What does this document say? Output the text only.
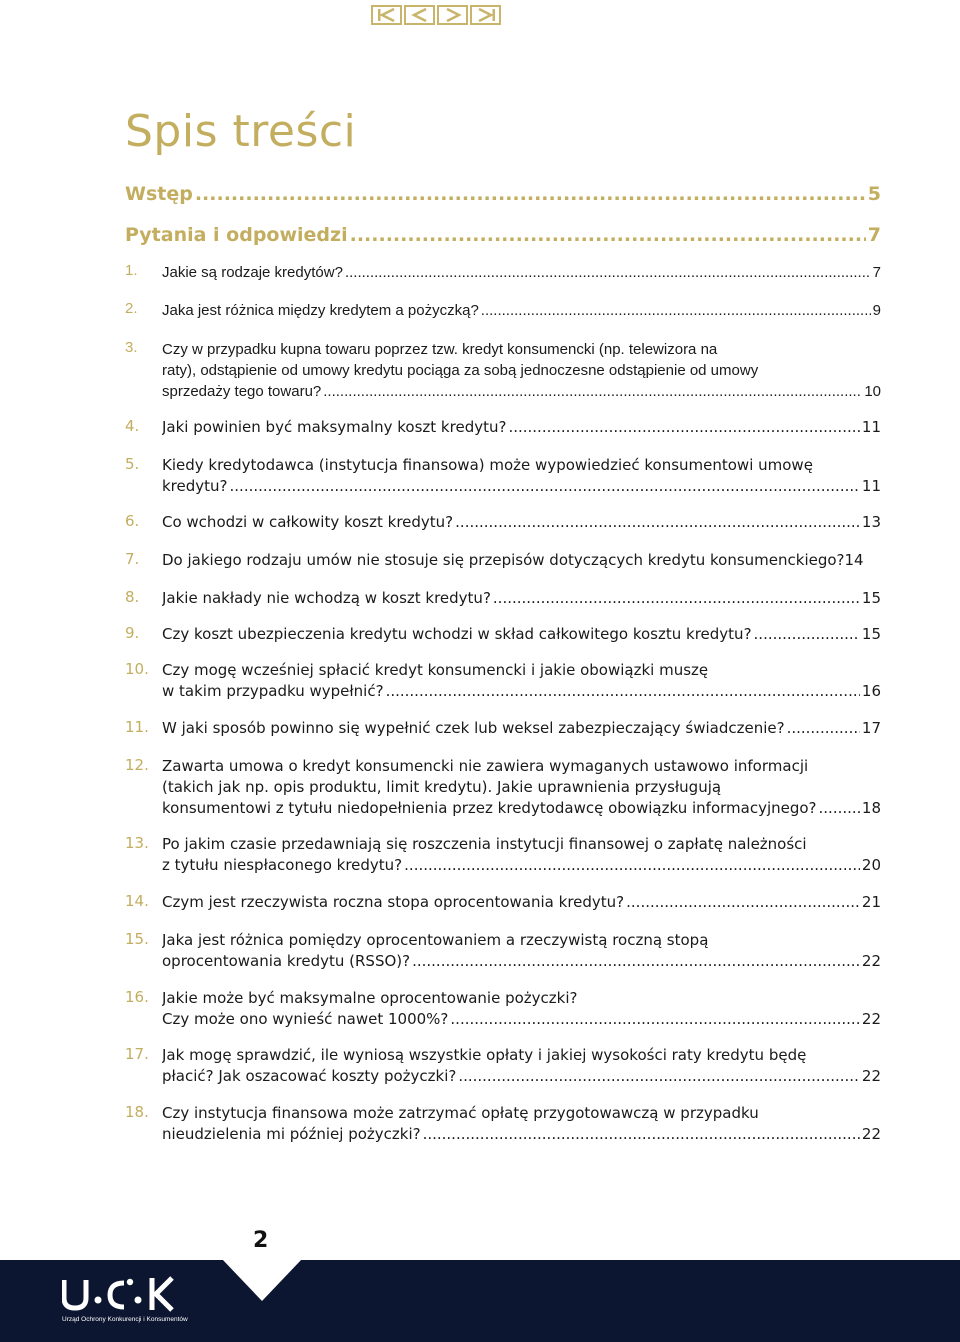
Spis treści
Wstęp .....	5
Pytania i odpowiedzi .....	7
1. Jakie są rodzaje kredytów? .....	7
2. Jaka jest różnica między kredytem a pożyczką? .....	9
3. Czy w przypadku kupna towaru poprzez tzw. kredyt konsumencki (np. telewizora na
raty), odstąpienie od umowy kredytu pociąga za sobą jednoczesne odstąpienie od umowy
sprzedaży tego towaru? .....	10
4. Jaki powinien być maksymalny koszt kredytu? .....	11
5. Kiedy kredytodawca (instytucja finansowa) może wypowiedzieć konsumentowi umowę
kredytu? .....	11
6. Co wchodzi w całkowity koszt kredytu? .....	13
7. Do jakiego rodzaju umów nie stosuje się przepisów dotyczących kredytu konsumenckiego? 14
8. Jakie nakłady nie wchodzą w koszt kredytu? .....	15
9. Czy koszt ubezpieczenia kredytu wchodzi w skład całkowitego kosztu kredytu? .....	15
10. Czy mogę wcześniej spłacić kredyt konsumencki i jakie obowiązki muszę
w takim przypadku wypełnić? .....	16
11. W jaki sposób powinno się wypełnić czek lub weksel zabezpieczający świadczenie? .....	17
12. Zawarta umowa o kredyt konsumencki nie zawiera wymaganych ustawowo informacji
(takich jak np. opis produktu, limit kredytu). Jakie uprawnienia przysługują
konsumentowi z tytułu niedopełnienia przez kredytodawcę obowiązku informacyjnego? .....	18
13. Po jakim czasie przedawniają się roszczenia instytucji finansowej o zapłatę należności
z tytułu niespłaconego kredytu? .....	20
14. Czym jest rzeczywista roczna stopa oprocentowania kredytu? .....	21
15. Jaka jest różnica pomiędzy oprocentowaniem a rzeczywistą roczną stopą
oprocentowania kredytu (RSSO)? .....	22
16. Jakie może być maksymalne oprocentowanie pożyczki?
Czy może ono wynieść nawet 1000%? .....	22
17. Jak mogę sprawdzić, ile wyniosą wszystkie opłaty i jakiej wysokości raty kredytu będę
płacić? Jak oszacować koszty pożyczki? .....	22
18. Czy instytucja finansowa może zatrzymać opłatę przygotowawczą w przypadku
nieudzielenia mi później pożyczki? .....	22
2
Urząd Ochrony Konkurencji i Konsumentów
